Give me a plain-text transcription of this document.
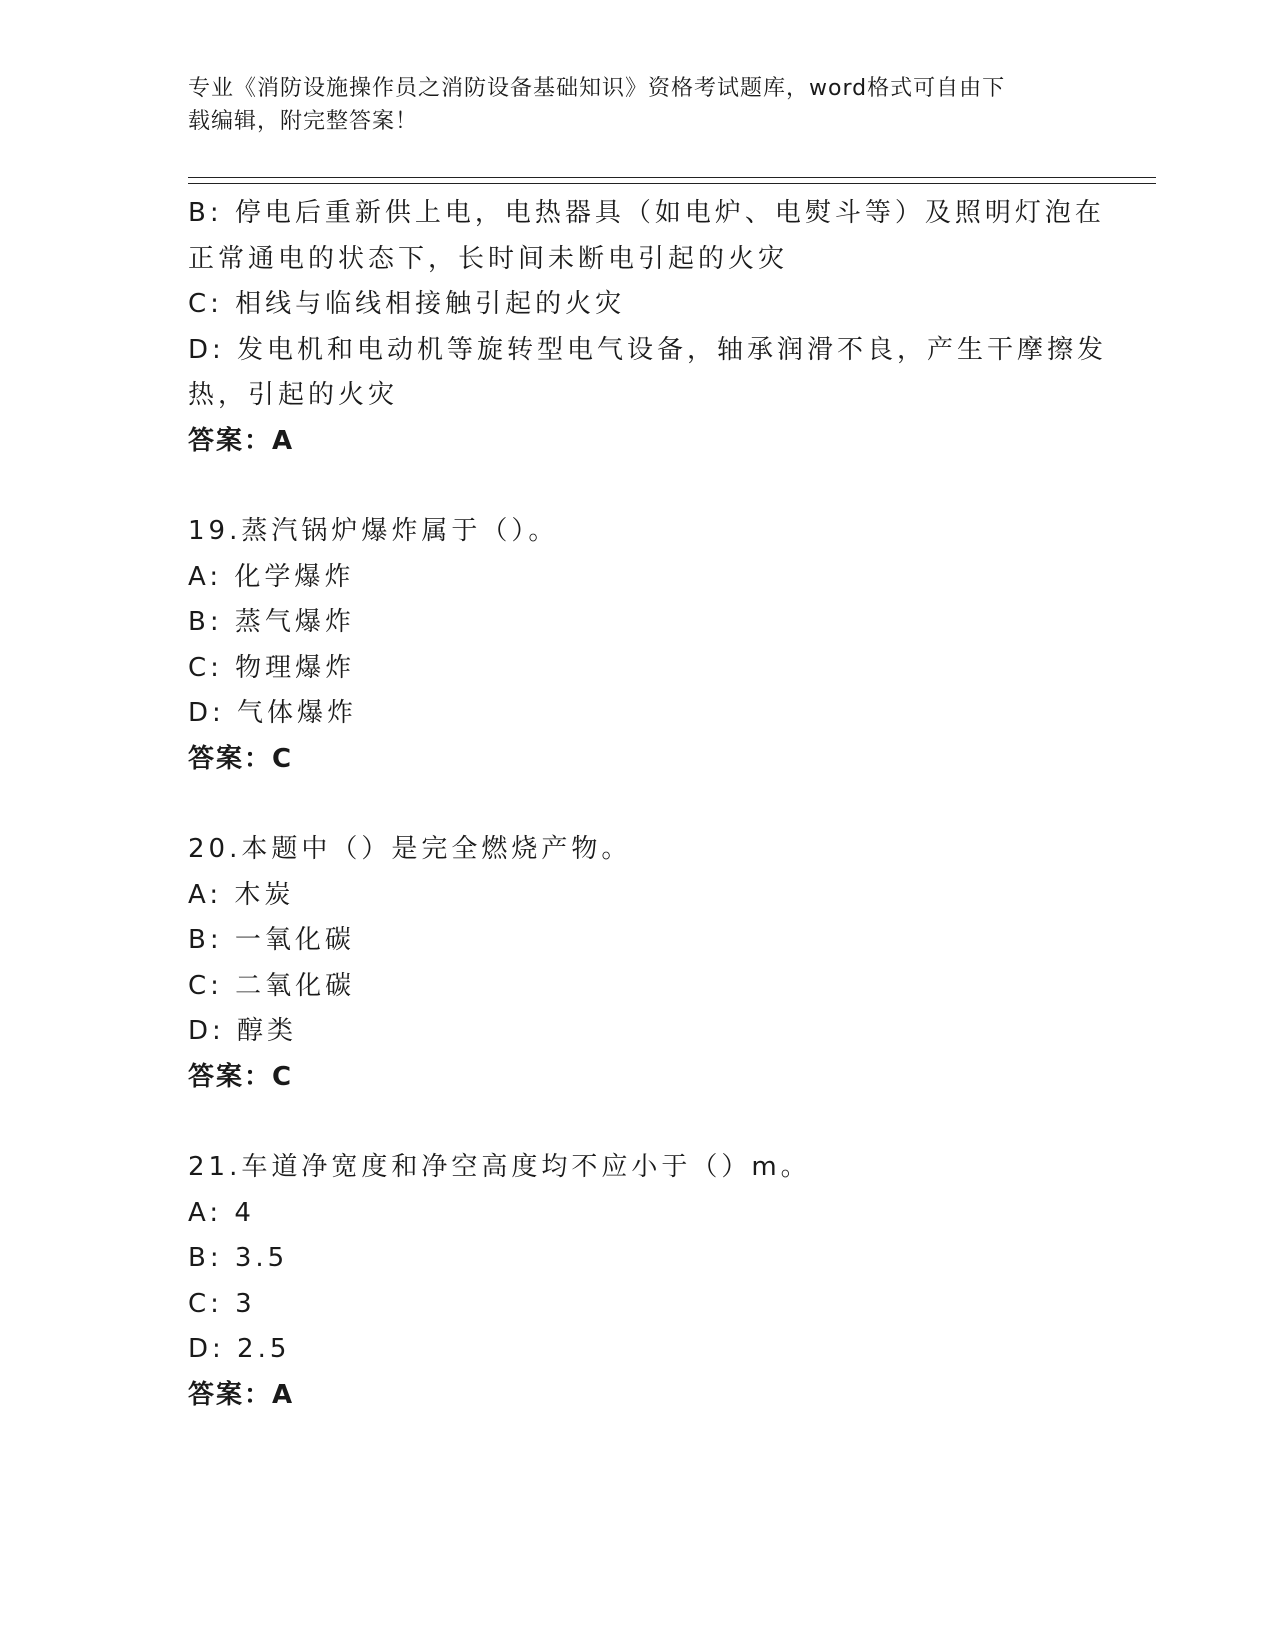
专业《消防设施操作员之消防设备基础知识》资格考试题库，word格式可自由下
载编辑，附完整答案！
B: 停电后重新供上电，电热器具（如电炉、电熨斗等）及照明灯泡在
正常通电的状态下，长时间未断电引起的火灾
C: 相线与临线相接触引起的火灾
D: 发电机和电动机等旋转型电气设备，轴承润滑不良，产生干摩擦发
热，引起的火灾
答案：A
19.蒸汽锅炉爆炸属于（）。
A: 化学爆炸
B: 蒸气爆炸
C: 物理爆炸
D: 气体爆炸
答案：C
20.本题中（）是完全燃烧产物。
A: 木炭
B: 一氧化碳
C: 二氧化碳
D: 醇类
答案：C
21.车道净宽度和净空高度均不应小于（）m。
A: 4
B: 3.5
C: 3
D: 2.5
答案：A
